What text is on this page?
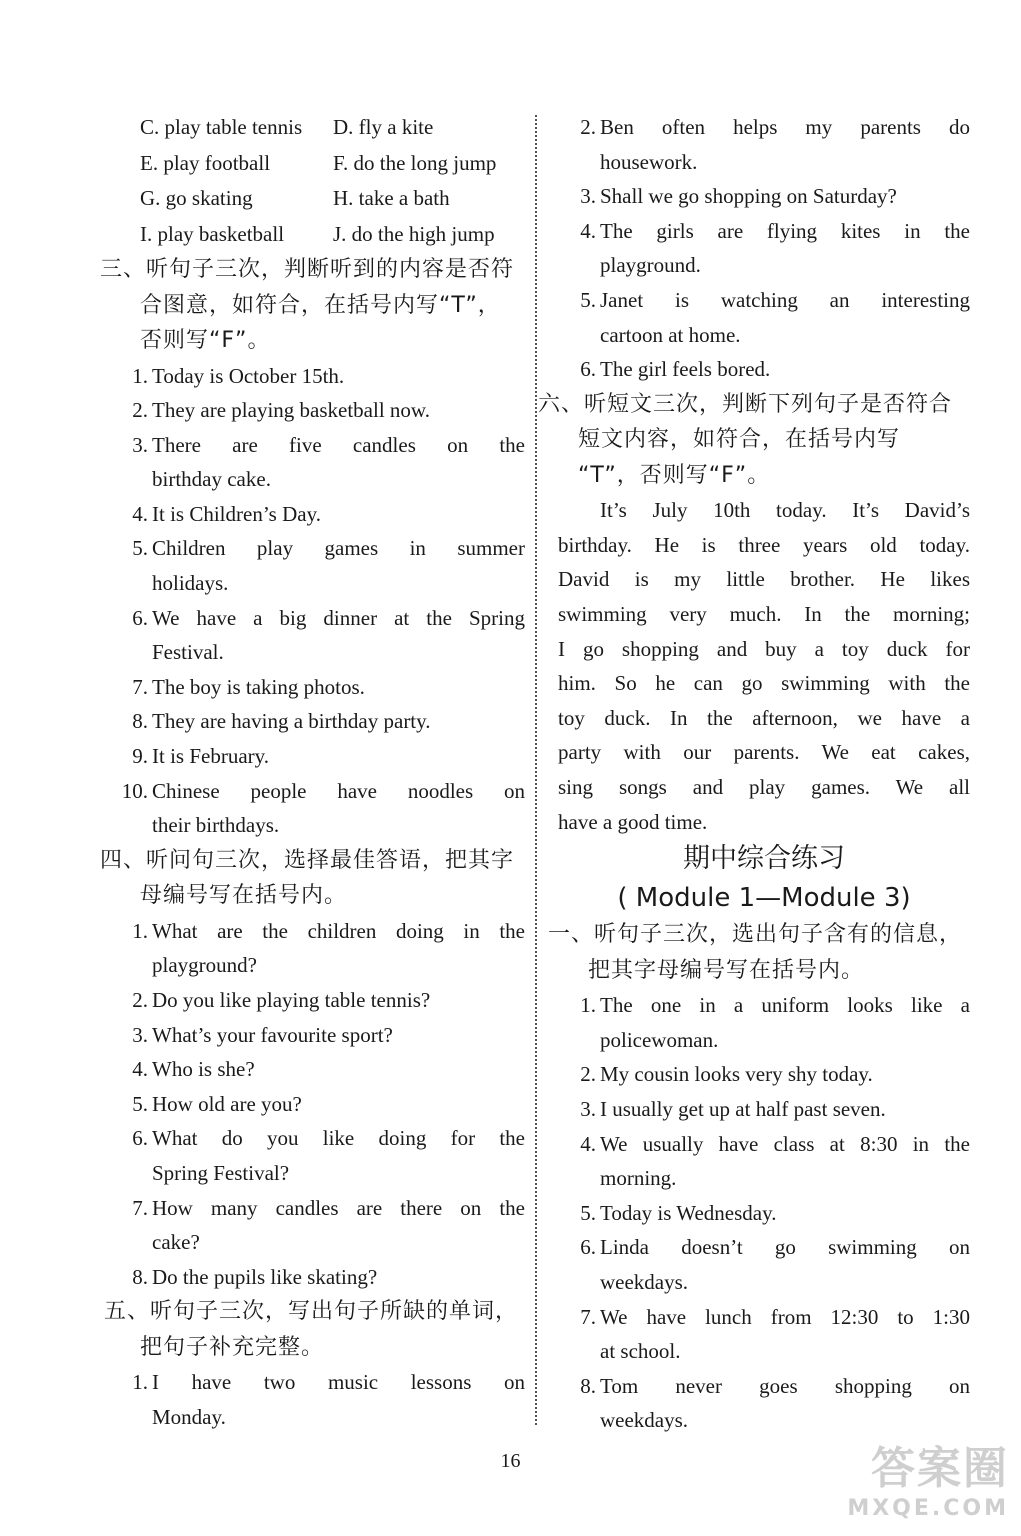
C. play table tennis	D. fly a kite
E. play football	F. do the long jump
G. go skating	H. take a bath
I. play basketball	J. do the high jump
三、听句子三次，判断听到的内容是否符
合图意，如符合，在括号内写“T”，
否则写“F”。
1. Today is October 15th.
2. They are playing basketball now.
3. There are five candles on the
birthday cake.
4. It is Children’s Day.
5. Children play games in summer
holidays.
6. We have a big dinner at the Spring
Festival.
7. The boy is taking photos.
8. They are having a birthday party.
9. It is February.
10. Chinese people have noodles on
their birthdays.
四、听问句三次，选择最佳答语，把其字
母编号写在括号内。
1. What are the children doing in the
playground?
2. Do you like playing table tennis?
3. What’s your favourite sport?
4. Who is she?
5. How old are you?
6. What do you like doing for the
Spring Festival?
7. How many candles are there on the
cake?
8. Do the pupils like skating?
五、听句子三次，写出句子所缺的单词，
把句子补充完整。
1. I have two music lessons on
Monday.
2. Ben often helps my parents do
housework.
3. Shall we go shopping on Saturday?
4. The girls are flying kites in the
playground.
5. Janet is watching an interesting
cartoon at home.
6. The girl feels bored.
六、听短文三次，判断下列句子是否符合
短文内容，如符合，在括号内写
“T”，否则写“F”。
It’s July 10th today. It’s David’s
birthday. He is three years old today.
David is my little brother. He likes
swimming very much. In the morning;
I go shopping and buy a toy duck for
him. So he can go swimming with the
toy duck. In the afternoon, we have a
party with our parents. We eat cakes,
sing songs and play games. We all
have a good time.
期中综合练习
( Module 1—Module 3)
一、听句子三次，选出句子含有的信息，
把其字母编号写在括号内。
1. The one in a uniform looks like a
policewoman.
2. My cousin looks very shy today.
3. I usually get up at half past seven.
4. We usually have class at 8:30 in the
morning.
5. Today is Wednesday.
6. Linda doesn’t go swimming on
weekdays.
7. We have lunch from 12:30 to 1:30
at school.
8. Tom never goes shopping on
weekdays.
16	答案圈
MXQE.COM
